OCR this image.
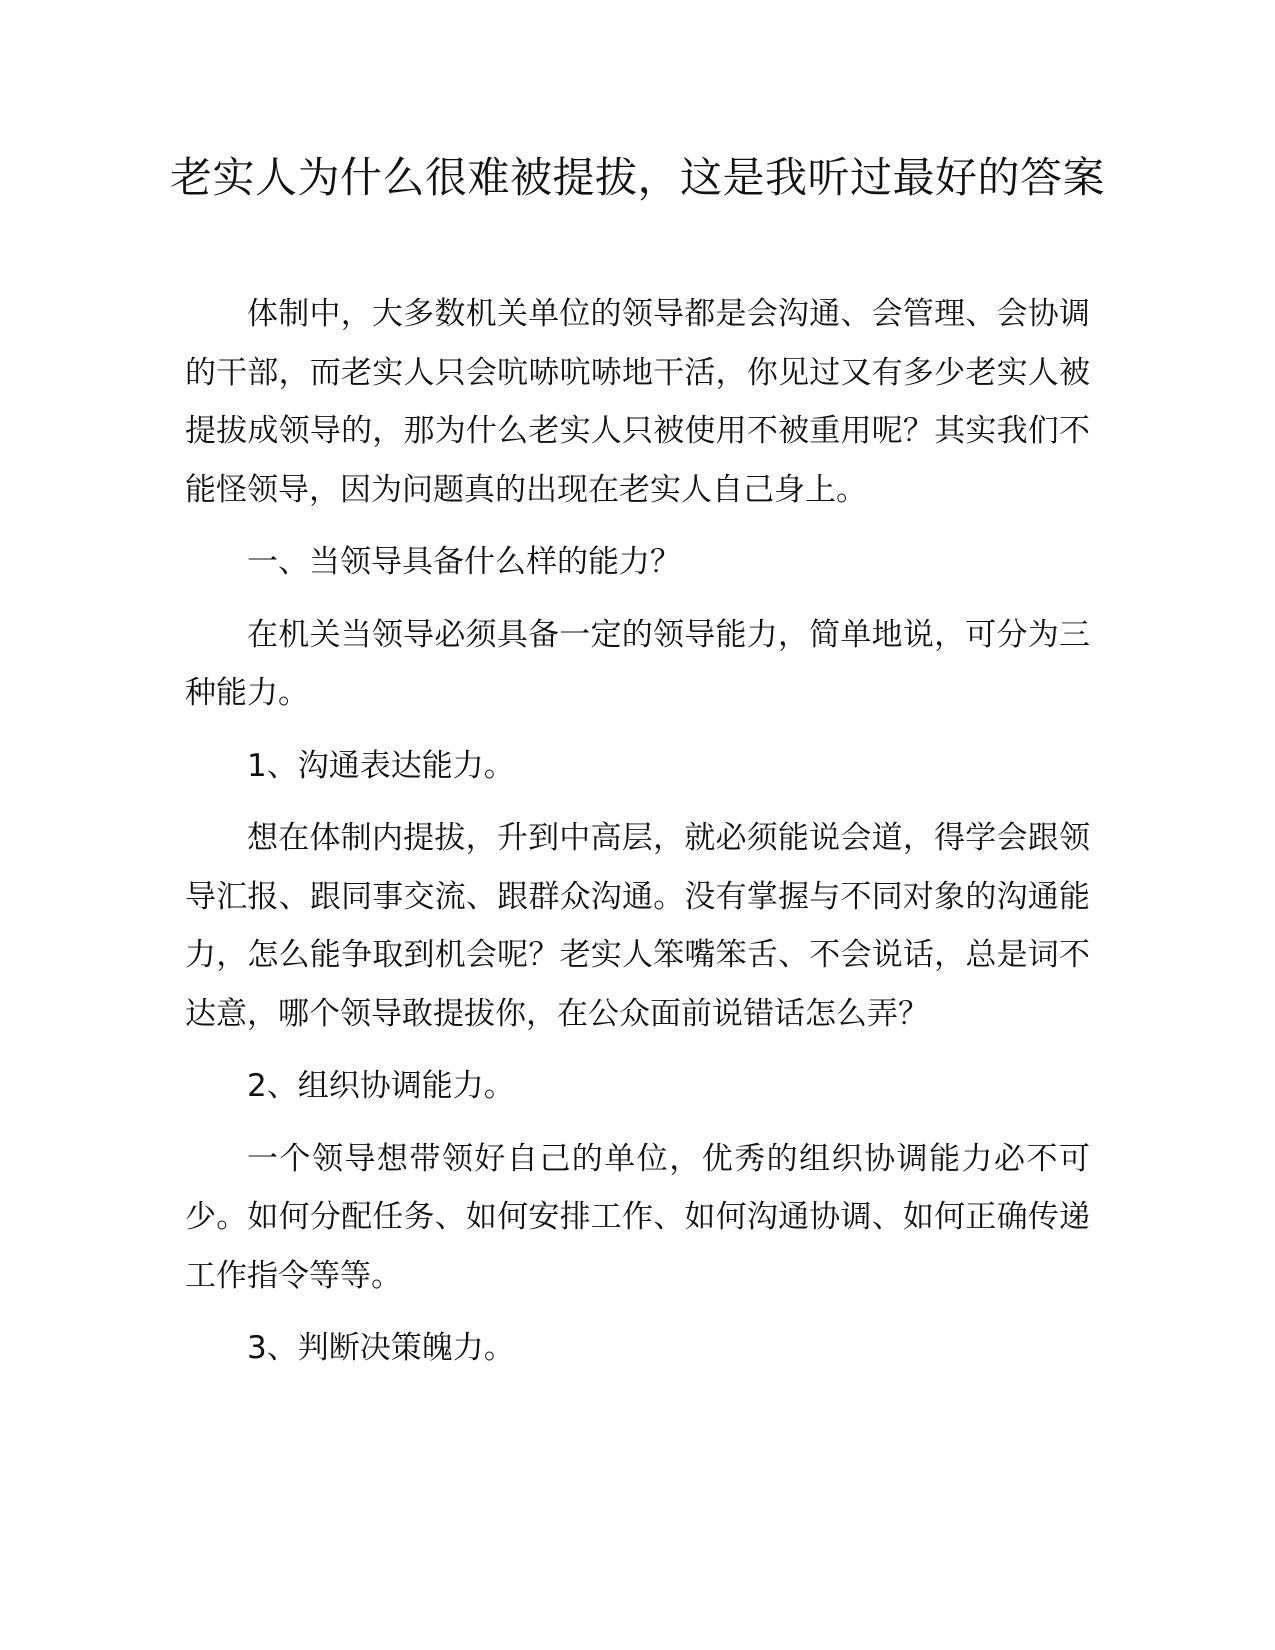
老实人为什么很难被提拔，这是我听过最好的答案

体制中，大多数机关单位的领导都是会沟通、会管理、会协调的干部，而老实人只会吭哧吭哧地干活，你见过又有多少老实人被提拔成领导的，那为什么老实人只被使用不被重用呢？其实我们不能怪领导，因为问题真的出现在老实人自己身上。

一、当领导具备什么样的能力？

在机关当领导必须具备一定的领导能力，简单地说，可分为三种能力。

1、沟通表达能力。

想在体制内提拔，升到中高层，就必须能说会道，得学会跟领导汇报、跟同事交流、跟群众沟通。没有掌握与不同对象的沟通能力，怎么能争取到机会呢？老实人笨嘴笨舌、不会说话，总是词不达意，哪个领导敢提拔你，在公众面前说错话怎么弄？

2、组织协调能力。

一个领导想带领好自己的单位，优秀的组织协调能力必不可少。如何分配任务、如何安排工作、如何沟通协调、如何正确传递工作指令等等。

3、判断决策魄力。
